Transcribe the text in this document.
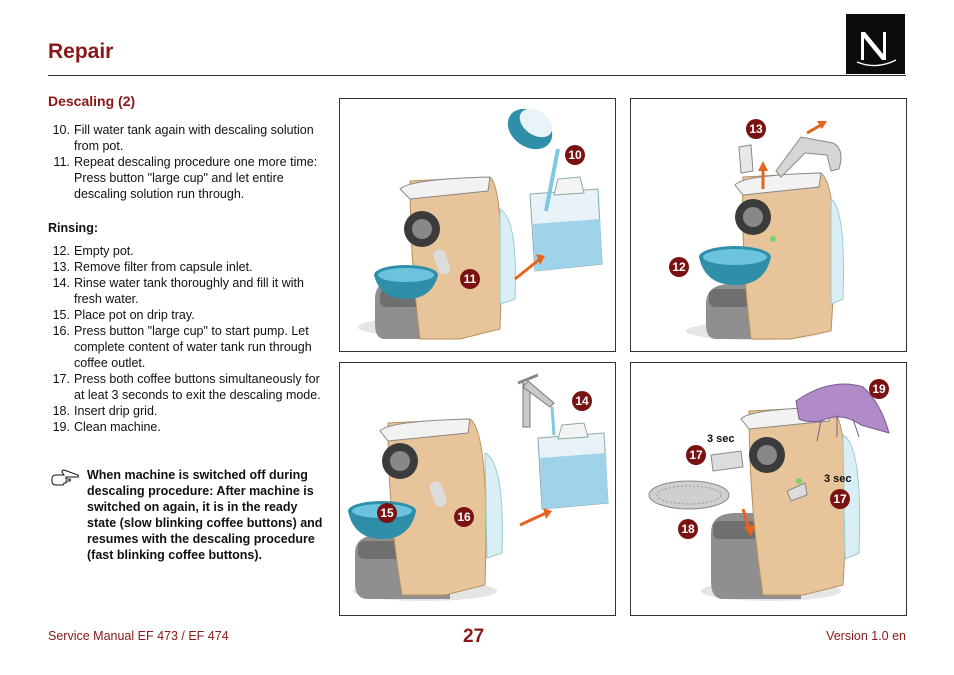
Repair
Descaling (2)
10. Fill water tank again with descaling solution from pot.
11. Repeat descaling procedure one more time: Press button "large cup" and let entire descaling solution run through.
Rinsing:
12. Empty pot.
13. Remove filter from capsule inlet.
14. Rinse water tank thoroughly and fill it with fresh water.
15. Place pot on drip tray.
16. Press button "large cup" to start pump. Let complete content of water tank run through coffee outlet.
17. Press both coffee buttons simultaneously for at leat 3 seconds to exit the descaling mode.
18. Insert drip grid.
19. Clean machine.

When machine is switched off during descaling procedure: After machine is switched on again, it is in the ready state (slow blinking coffee buttons) and resumes with the descaling procedure (fast blinking coffee buttons).

10
11
13
12
14
15	16
3 sec
3 sec
19
17
17
18
Service Manual EF 473 / EF 474	27	Version 1.0 en
